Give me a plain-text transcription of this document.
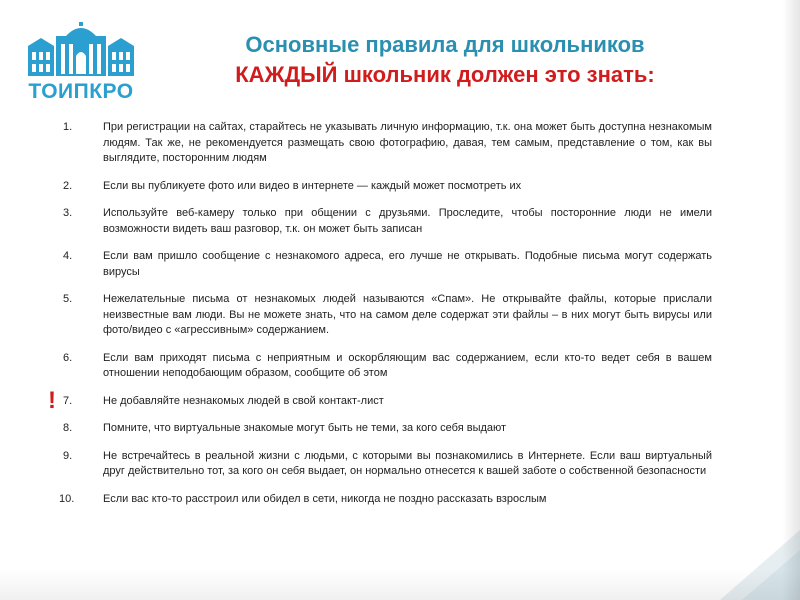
ТОИПКРО
Основные правила для школьников
КАЖДЫЙ школьник должен это знать:
1.	При регистрации на сайтах, старайтесь не указывать личную информацию, т.к. она может быть доступна незнакомым людям. Так же, не рекомендуется размещать свою фотографию, давая, тем самым, представление о том, как вы выглядите, посторонним людям
2.	Если вы публикуете фото или видео в интернете — каждый может посмотреть их
3.	Используйте веб-камеру только при общении с друзьями. Проследите, чтобы посторонние люди не имели возможности видеть ваш разговор, т.к. он может быть записан
4.	Если вам пришло сообщение с незнакомого адреса, его лучше не открывать. Подобные письма могут содержать вирусы
5.	Нежелательные письма от незнакомых людей называются «Спам». Не открывайте файлы, которые прислали неизвестные вам люди. Вы не можете знать, что на самом деле содержат эти файлы – в них могут быть вирусы или фото/видео с «агрессивным» содержанием.
6.	Если вам приходят письма с неприятным и оскорбляющим вас содержанием, если кто-то ведет себя в вашем отношении неподобающим образом, сообщите об этом
! 7.	Не добавляйте незнакомых людей в свой контакт-лист
8.	Помните, что виртуальные знакомые могут быть не теми, за кого себя выдают
9.	Не встречайтесь в реальной жизни с людьми, с которыми вы познакомились в Интернете. Если ваш виртуальный друг действительно тот, за кого он себя выдает, он нормально отнесется к вашей заботе о собственной безопасности
10.	Если вас кто-то расстроил или обидел в сети, никогда не поздно рассказать взрослым
